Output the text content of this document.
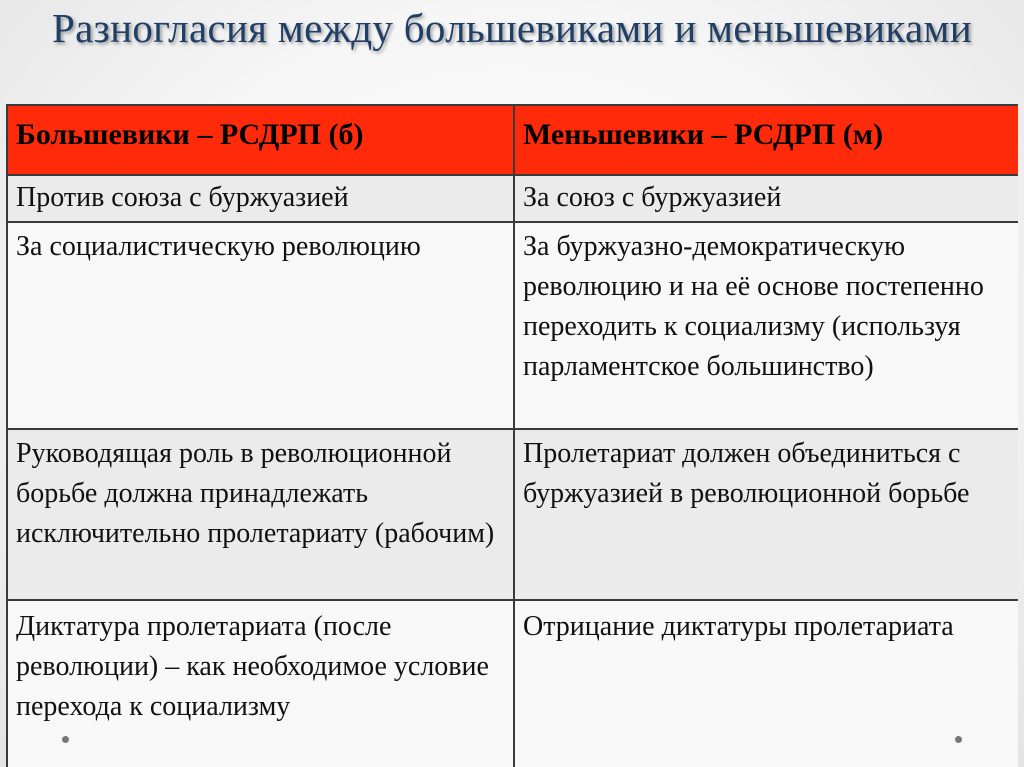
Разногласия между большевиками и меньшевиками
Большевики – РСДРП (б)	Меньшевики – РСДРП (м)
Против союза с буржуазией	За союз с буржуазией
За социалистическую революцию	За буржуазно-демократическую революцию и на её основе постепенно переходить к социализму (используя парламентское большинство)
Руководящая роль в революционной борьбе должна принадлежать исключительно пролетариату (рабочим)	Пролетариат должен объединиться с буржуазией в революционной борьбе
Диктатура пролетариата (после революции) – как необходимое условие перехода к социализму	Отрицание диктатуры пролетариата
